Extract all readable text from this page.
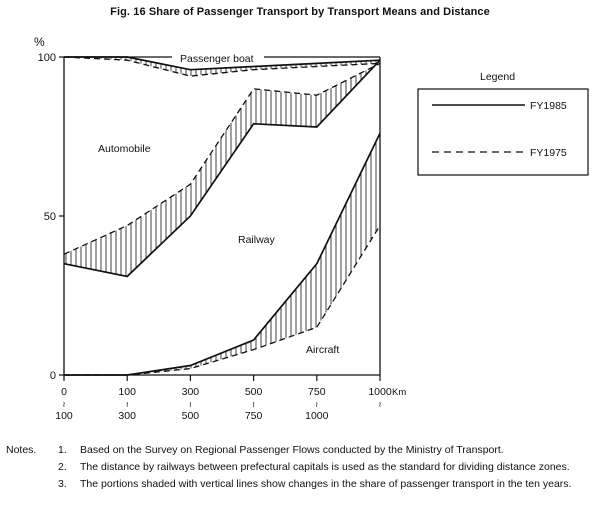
Fig. 16 Share of Passenger Transport by Transport Means and Distance
%
0
50
100
0
≀
100
100
≀
300
300
≀
500
500
≀
750
750
≀
1000
1000
≀
Km
Automobile
Railway
Aircraft
Passenger boat
Legend
FY1985
FY1975
Notes. 1. Based on the Survey on Regional Passenger Flows conducted by the Ministry of Transport.
2. The distance by railways between prefectural capitals is used as the standard for dividing distance zones.
3. The portions shaded with vertical lines show changes in the share of passenger transport in the ten years.
